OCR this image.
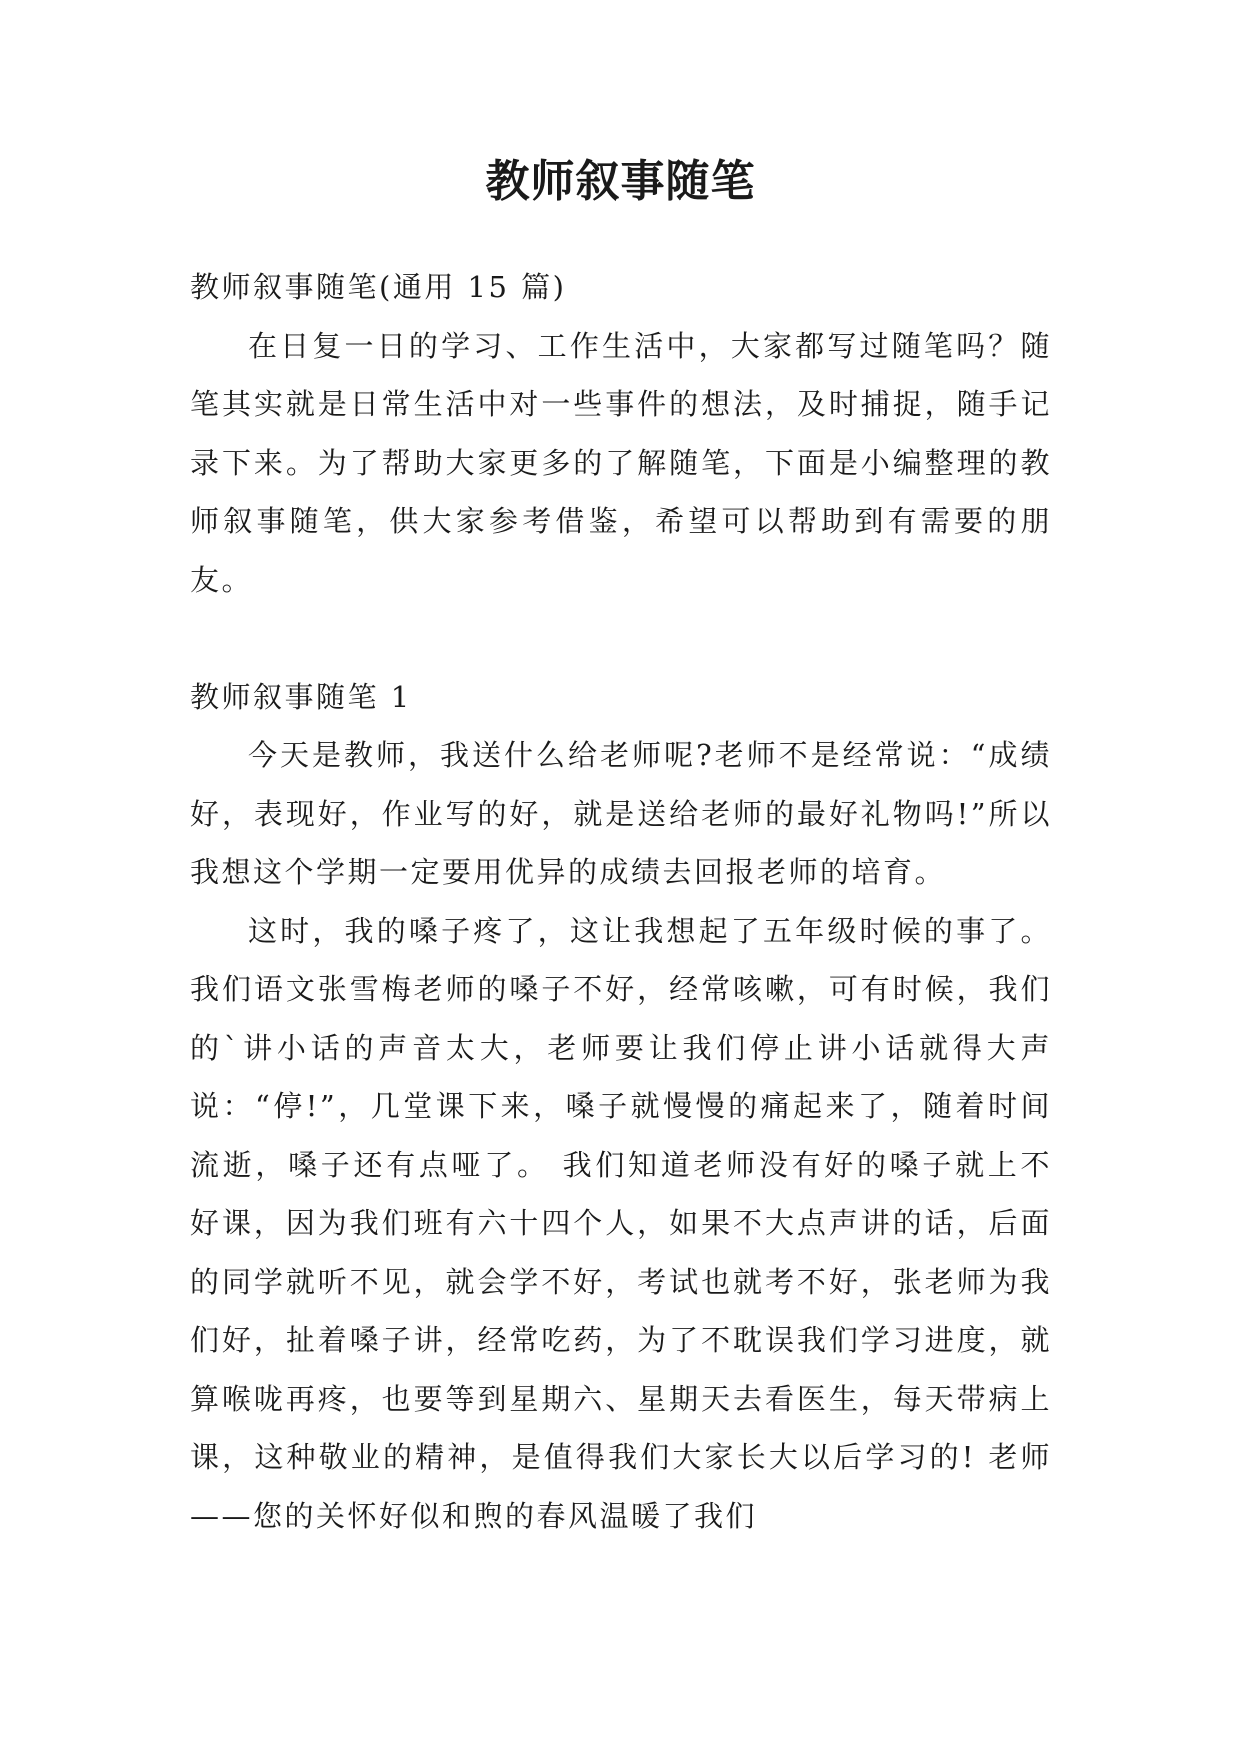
教师叙事随笔

教师叙事随笔(通用 15 篇)

在日复一日的学习、工作生活中，大家都写过随笔吗？随笔其实就是日常生活中对一些事件的想法，及时捕捉，随手记录下来。为了帮助大家更多的了解随笔，下面是小编整理的教师叙事随笔，供大家参考借鉴，希望可以帮助到有需要的朋友。

教师叙事随笔 1

今天是教师，我送什么给老师呢?老师不是经常说：“成绩好，表现好，作业写的好，就是送给老师的最好礼物吗!”所以我想这个学期一定要用优异的成绩去回报老师的培育。

这时，我的嗓子疼了，这让我想起了五年级时候的事了。我们语文张雪梅老师的嗓子不好，经常咳嗽，可有时候，我们的`讲小话的声音太大，老师要让我们停止讲小话就得大声说：“停!”，几堂课下来，嗓子就慢慢的痛起来了，随着时间流逝，嗓子还有点哑了。 我们知道老师没有好的嗓子就上不好课，因为我们班有六十四个人，如果不大点声讲的话，后面的同学就听不见，就会学不好，考试也就考不好，张老师为我们好，扯着嗓子讲，经常吃药，为了不耽误我们学习进度，就算喉咙再疼，也要等到星期六、星期天去看医生，每天带病上课，这种敬业的精神，是值得我们大家长大以后学习的! 老师——您的关怀好似和煦的春风温暖了我们
